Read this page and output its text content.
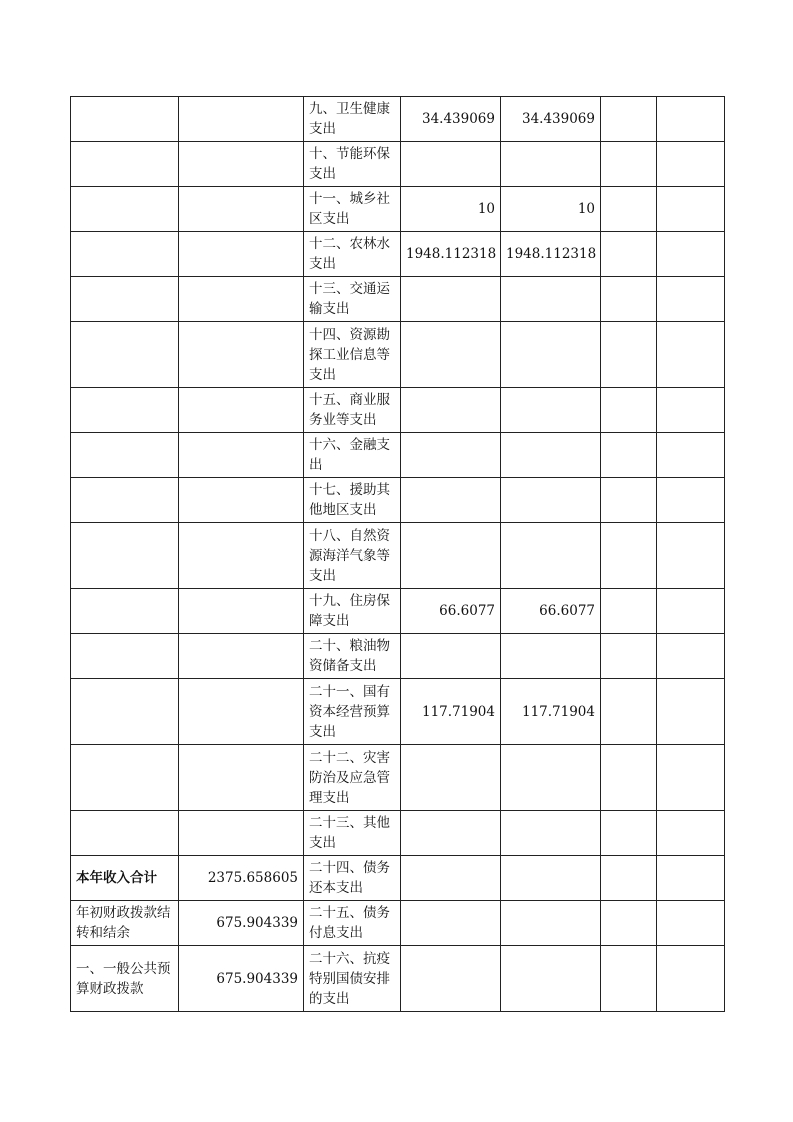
		九、卫生健康支出	34.439069	34.439069		
		十、节能环保支出				
		十一、城乡社区支出	10	10		
		十二、农林水支出	1948.112318	1948.112318		
		十三、交通运输支出				
		十四、资源勘探工业信息等支出				
		十五、商业服务业等支出				
		十六、金融支出				
		十七、援助其他地区支出				
		十八、自然资源海洋气象等支出				
		十九、住房保障支出	66.6077	66.6077		
		二十、粮油物资储备支出				
		二十一、国有资本经营预算支出	117.71904	117.71904		
		二十二、灾害防治及应急管理支出				
		二十三、其他支出				
本年收入合计	2375.658605	二十四、债务还本支出				
年初财政拨款结转和结余	675.904339	二十五、债务付息支出				
一、一般公共预算财政拨款	675.904339	二十六、抗疫特别国债安排的支出				
